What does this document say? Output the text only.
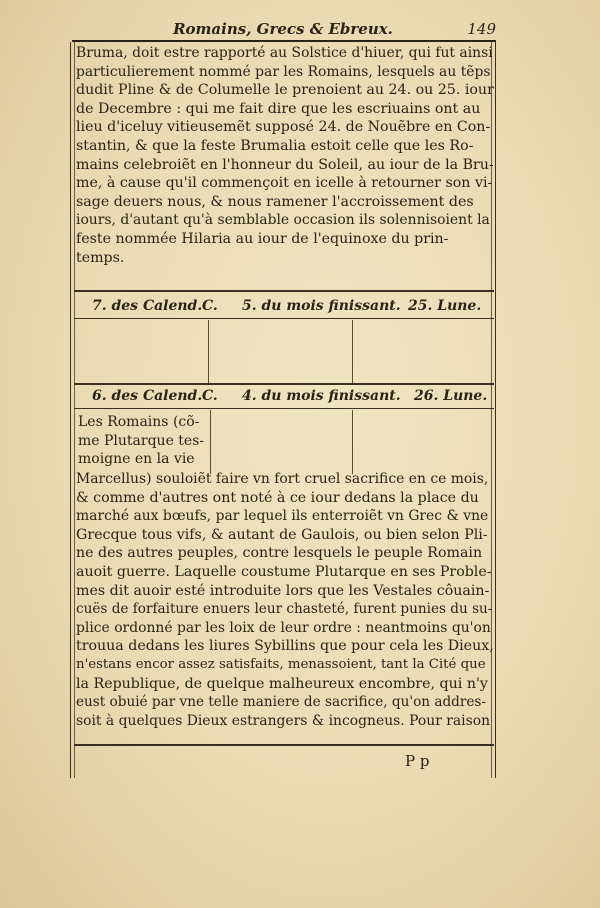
Romains, Grecs & Ebreux.	149
Bruma, doit estre rapporté au Solstice d'hiuer, qui fut ainsi
particulierement nommé par les Romains, lesquels au tẽps
dudit Pline & de Columelle le prenoient au 24. ou 25. iour
de Decembre : qui me fait dire que les escriuains ont au
lieu d'iceluy vitieusemẽt supposé 24. de Nouẽbre en Con-
stantin, & que la feste Brumalia estoit celle que les Ro-
mains celebroiẽt en l'honneur du Soleil, au iour de la Bru-
me, à cause qu'il commençoit en icelle à retourner son vi-
sage deuers nous, & nous ramener l'accroissement des
iours, d'autant qu'à semblable occasion ils solennisoient la
feste nommée Hilaria au iour de l'equinoxe du prin-
temps.
7. des Calend. C. 5. du mois finissant. 25. Lune.
6. des Calend. C. 4. du mois finissant. 26. Lune.
Les Romains (cõ-
me Plutarque tes-
moigne en la vie
Marcellus) souloiẽt faire vn fort cruel sacrifice en ce mois,
& comme d'autres ont noté à ce iour dedans la place du
marché aux bœufs, par lequel ils enterroiẽt vn Grec & vne
Grecque tous vifs, & autant de Gaulois, ou bien selon Pli-
ne des autres peuples, contre lesquels le peuple Romain
auoit guerre. Laquelle coustume Plutarque en ses Proble-
mes dit auoir esté introduite lors que les Vestales côuain-
cuës de forfaiture enuers leur chasteté, furent punies du su-
plice ordonné par les loix de leur ordre : neantmoins qu'on
trouua dedans les liures Sybillins que pour cela les Dieux,
n'estans encor assez satisfaits, menassoient, tant la Cité que
la Republique, de quelque malheureux encombre, qui n'y
eust obuié par vne telle maniere de sacrifice, qu'on addres-
soit à quelques Dieux estrangers & incogneus. Pour raison
P p
